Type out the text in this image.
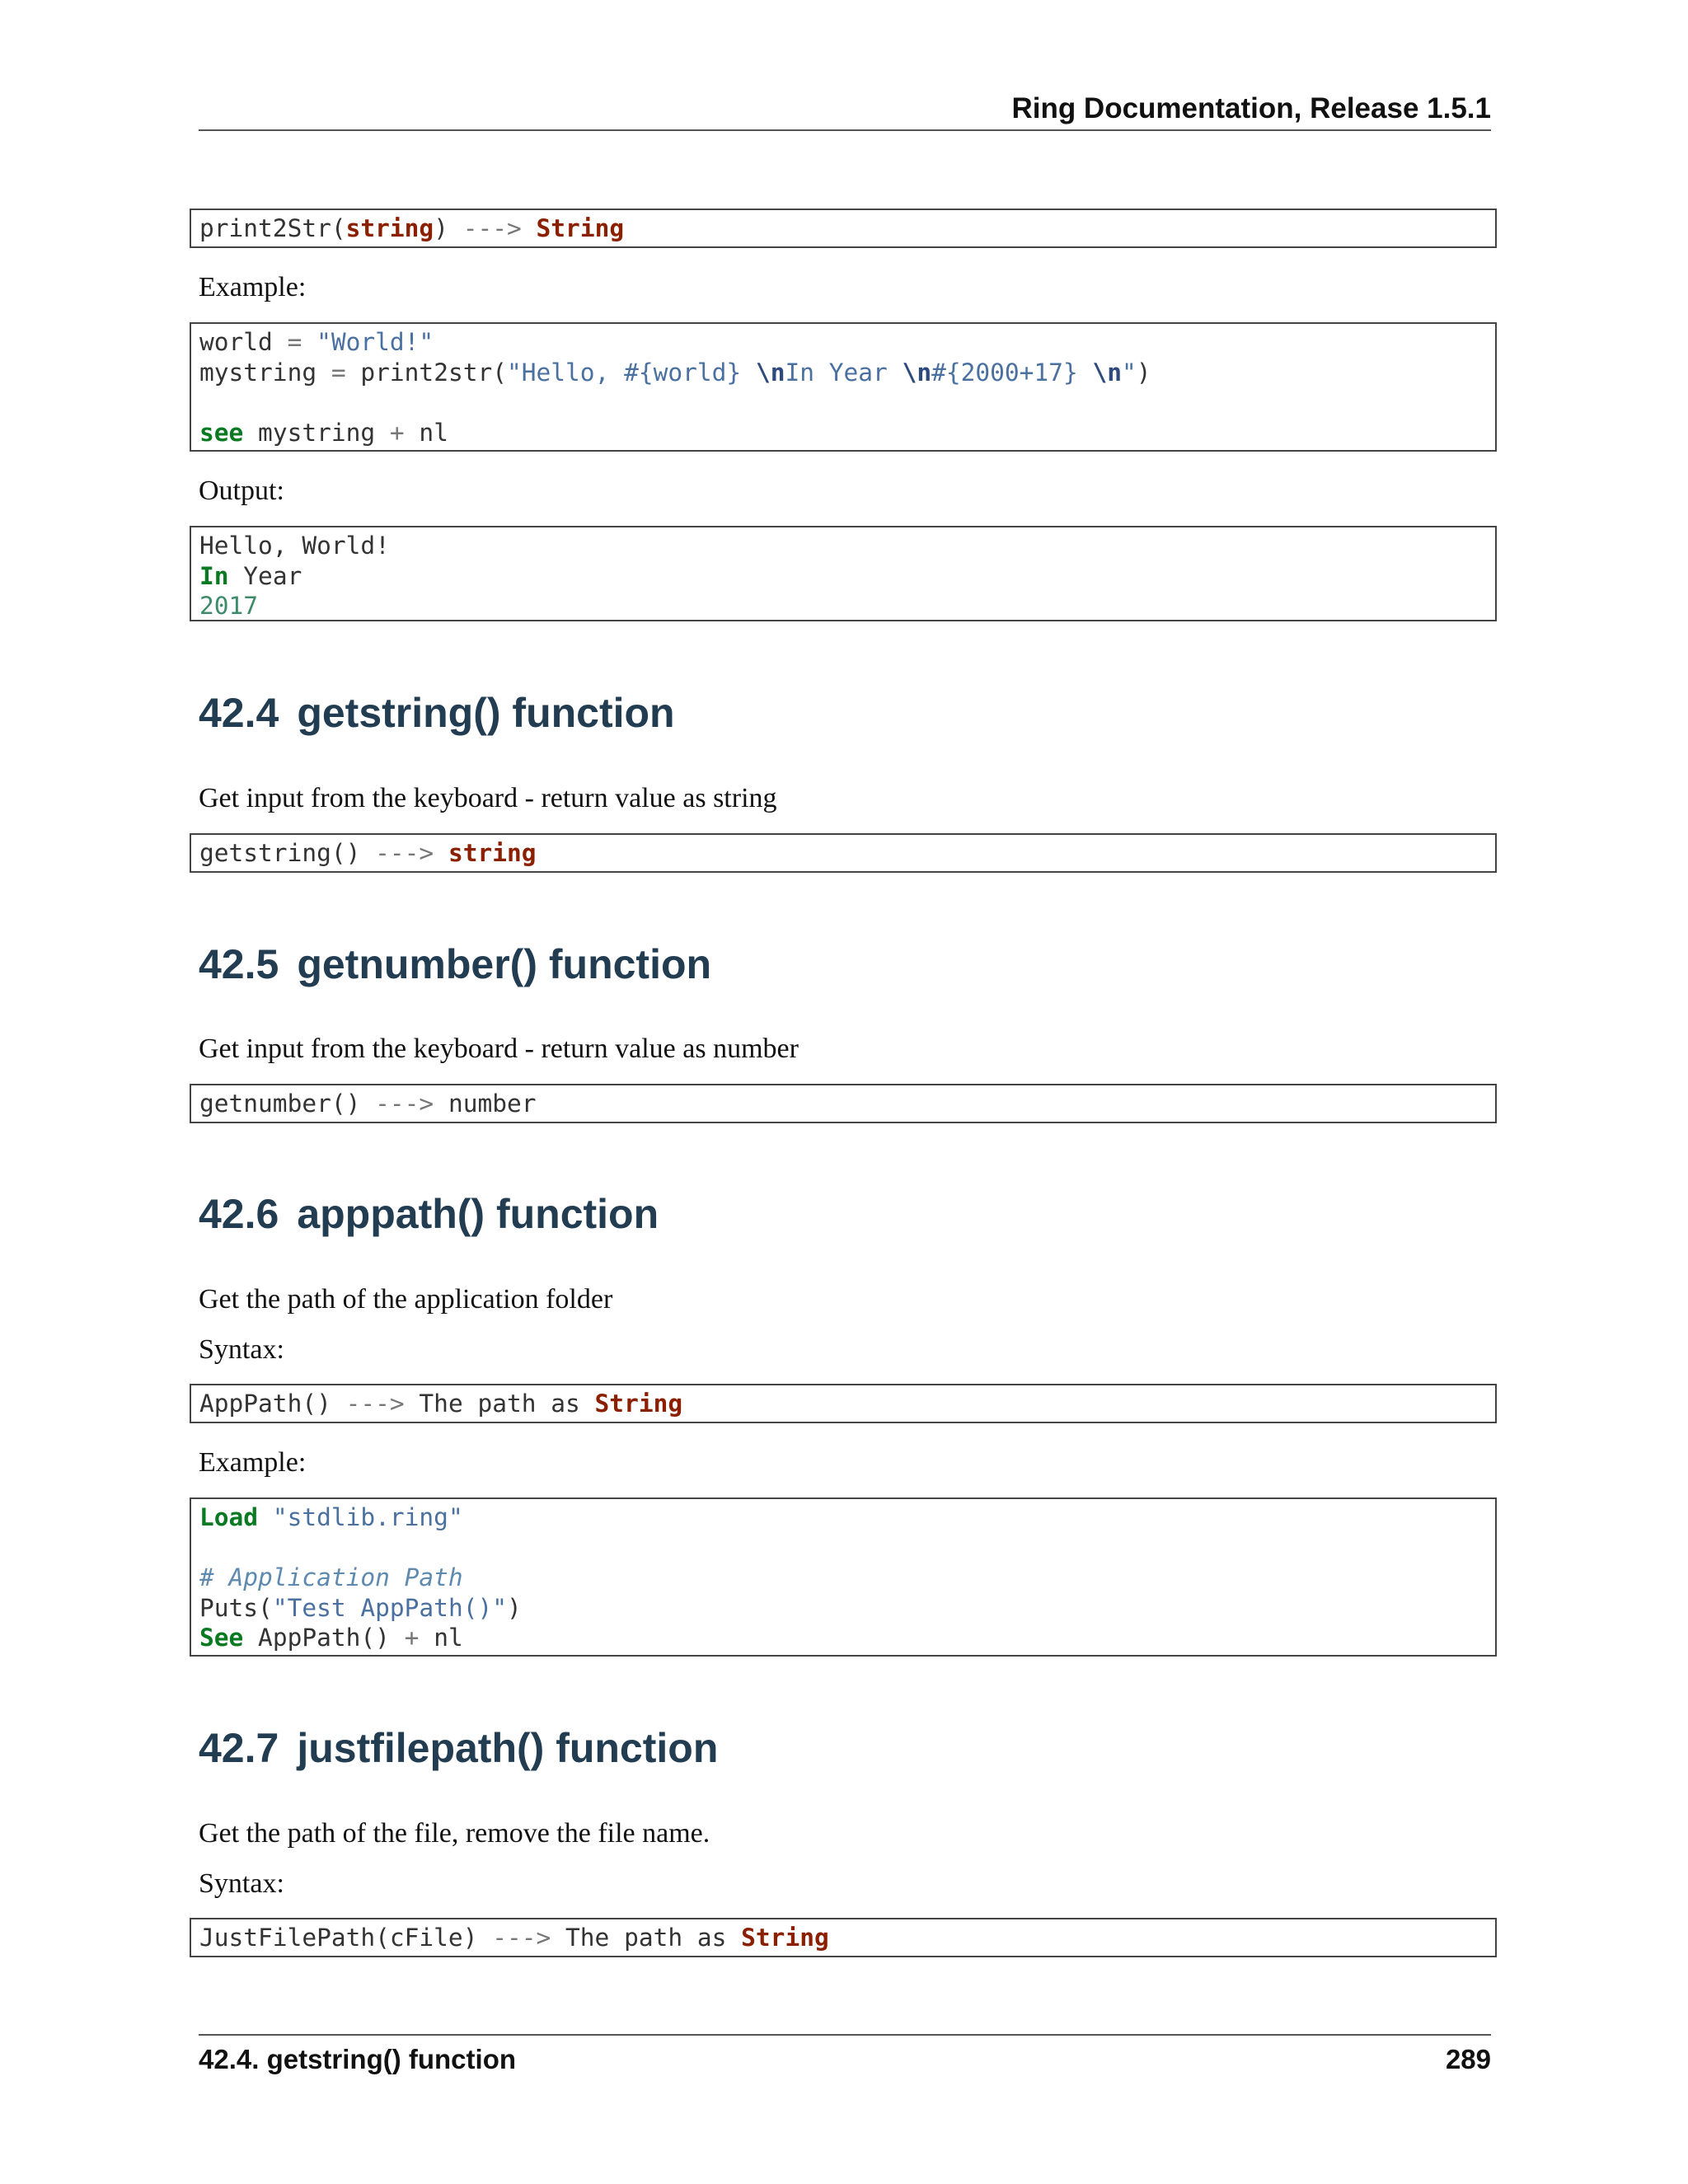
Ring Documentation, Release 1.5.1
print2Str(string) ---> String
Example:
world = "World!"
mystring = print2str("Hello, #{world} \nIn Year \n#{2000+17} \n")
see mystring + nl
Output:
Hello, World!
In Year
2017
42.4 getstring() function
Get input from the keyboard - return value as string
getstring() ---> string
42.5 getnumber() function
Get input from the keyboard - return value as number
getnumber() ---> number
42.6 apppath() function
Get the path of the application folder
Syntax:
AppPath() ---> The path as String
Example:
Load "stdlib.ring"
# Application Path
Puts("Test AppPath()")
See AppPath() + nl
42.7 justfilepath() function
Get the path of the file, remove the file name.
Syntax:
JustFilePath(cFile) ---> The path as String
42.4. getstring() function	289
